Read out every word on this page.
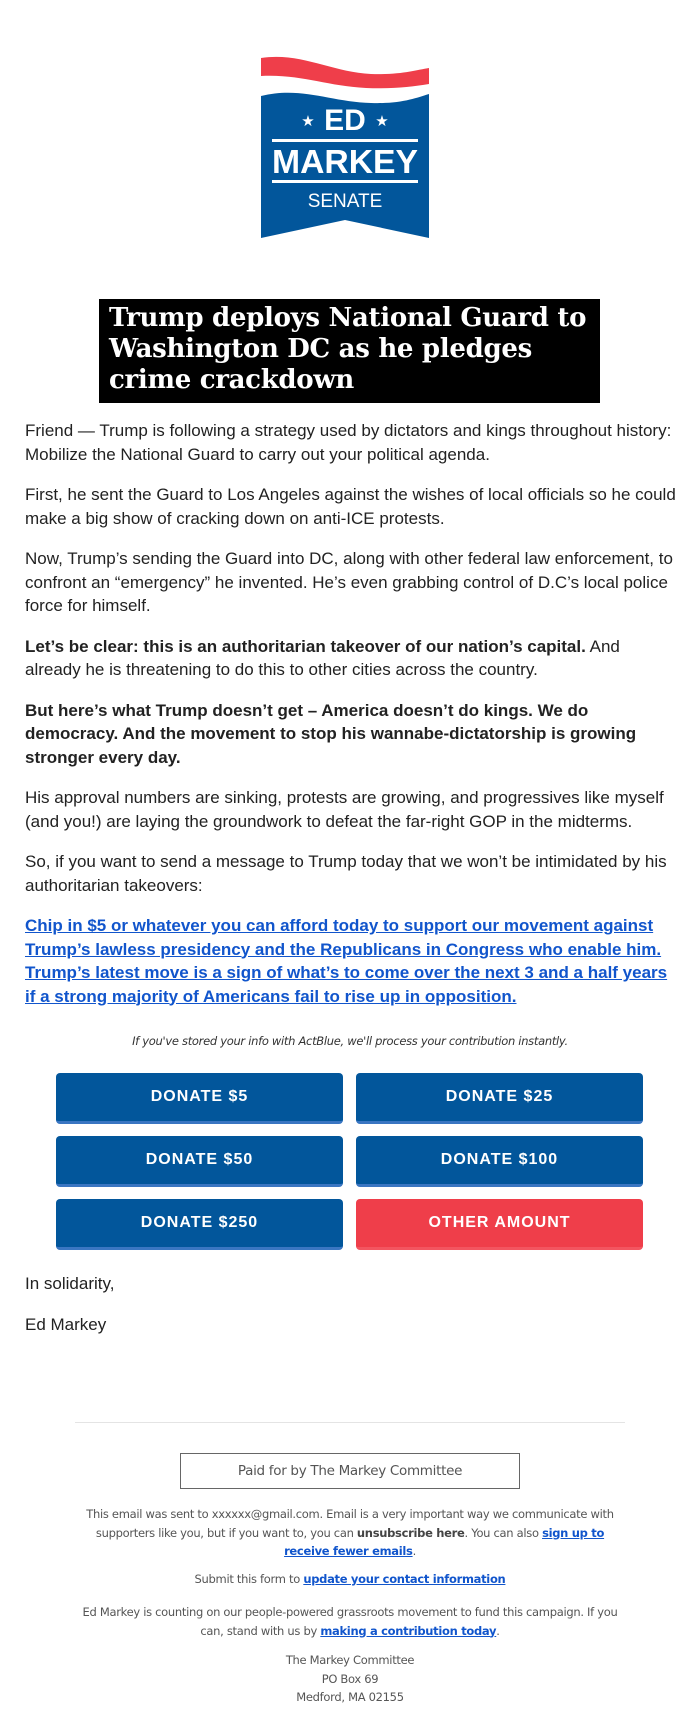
ED
★	★
MARKEY
SENATE
Trump deploys National Guard to Washington DC as he pledges crime crackdown

Friend — Trump is following a strategy used by dictators and kings throughout history: Mobilize the National Guard to carry out your political agenda.

First, he sent the Guard to Los Angeles against the wishes of local officials so he could make a big show of cracking down on anti-ICE protests.

Now, Trump’s sending the Guard into DC, along with other federal law enforcement, to confront an “emergency” he invented. He’s even grabbing control of D.C’s local police force for himself.

Let’s be clear: this is an authoritarian takeover of our nation’s capital. And already he is threatening to do this to other cities across the country.

But here’s what Trump doesn’t get – America doesn’t do kings. We do democracy. And the movement to stop his wannabe-dictatorship is growing stronger every day.

His approval numbers are sinking, protests are growing, and progressives like myself (and you!) are laying the groundwork to defeat the far-right GOP in the midterms.

So, if you want to send a message to Trump today that we won’t be intimidated by his authoritarian takeovers:

Chip in $5 or whatever you can afford today to support our movement against Trump’s lawless presidency and the Republicans in Congress who enable him. Trump’s latest move is a sign of what’s to come over the next 3 and a half years if a strong majority of Americans fail to rise up in opposition.

If you've stored your info with ActBlue, we'll process your contribution instantly.
DONATE $5	DONATE $25
DONATE $50	DONATE $100
DONATE $250	OTHER AMOUNT
In solidarity,
Ed Markey
Paid for by The Markey Committee
This email was sent to xxxxxx@gmail.com. Email is a very important way we communicate with supporters like you, but if you want to, you can unsubscribe here. You can also sign up to receive fewer emails.
Submit this form to update your contact information
Ed Markey is counting on our people-powered grassroots movement to fund this campaign. If you can, stand with us by making a contribution today.
The Markey Committee
PO Box 69
Medford, MA 02155
